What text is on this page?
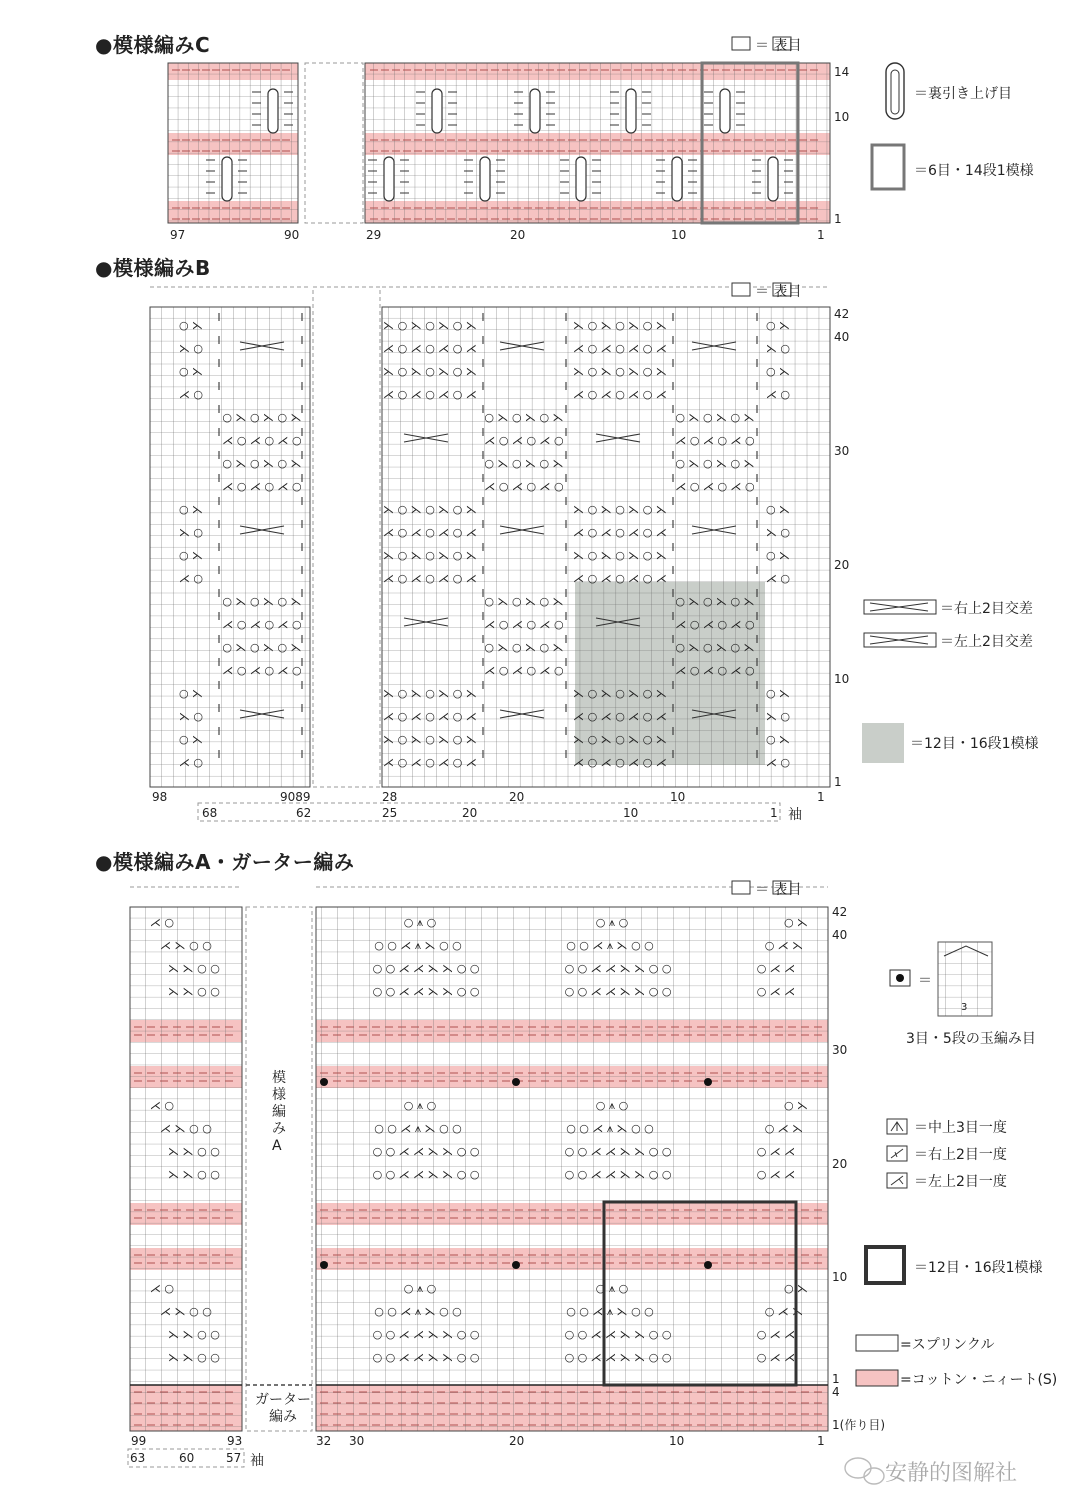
○ ⋋
⋋ ○
○ ⋋
⋌ ○
○ ⋋ ○ ⋋ ○ ⋋
⋌ ○ ⋌ ○ ⋌ ○
○ ⋋ ○ ⋋ ○ ⋋
⋌ ○ ⋌ ○ ⋌ ○
○ ⋋
⋋ ○
○ ⋋
⋌ ○
○ ⋋ ○ ⋋ ○ ⋋
⋌ ○ ⋌ ○ ⋌ ○
○ ⋋ ○ ⋋ ○ ⋋
⋌ ○ ⋌ ○ ⋌ ○
○ ⋋
⋋ ○
○ ⋋
⋌ ○
⋋ ○ ⋋ ○ ⋋ ○ ⋋
⋌ ○ ⋌ ○ ⋌ ○ ⋌
⋋ ○ ⋋ ○ ⋋ ○ ⋋
⋌ ○ ⋌ ○ ⋌ ○ ⋌
⋋ ○ ⋋ ○ ⋋ ○ ⋋
⋌ ○ ⋌ ○ ⋌ ○ ⋌
⋋ ○ ⋋ ○ ⋋ ○ ⋋
⋌ ○ ⋌ ○ ⋌ ○ ⋌
○ ⋋ ○ ⋋ ○ ⋋
⋌ ○ ⋌ ○ ⋌ ○
○ ⋋ ○ ⋋ ○ ⋋
⋌ ○ ⋌ ○ ⋌ ○
○ ⋋ ○ ⋋ ○ ⋋
⋌ ○ ⋌ ○ ⋌ ○
○ ⋋ ○ ⋋ ○ ⋋
⋌ ○ ⋌ ○ ⋌ ○
⋋ ○ ⋋ ○ ⋋ ○ ⋋
⋌ ○ ⋌ ○ ⋌ ○ ⋌
⋋ ○ ⋋ ○ ⋋ ○ ⋋
⋌ ○ ⋌ ○ ⋌ ○ ⋌
⋋ ○ ⋋ ○ ⋋ ○ ⋋
⋌ ○ ⋌ ○ ⋌ ○ ⋌
⋋ ○ ⋋ ○ ⋋ ○ ⋋
⋌ ○ ⋌ ○ ⋌ ○ ⋌
○ ⋋ ○ ⋋ ○ ⋋
⋌ ○ ⋌ ○ ⋌ ○
○ ⋋ ○ ⋋ ○ ⋋
⋌ ○ ⋌ ○ ⋌ ○
○ ⋋ ○ ⋋ ○ ⋋
⋌ ○ ⋌ ○ ⋌ ○
○ ⋋ ○ ⋋ ○ ⋋
⋌ ○ ⋌ ○ ⋌ ○
⋋ ○ ⋋ ○ ⋋ ○ ⋋
⋌ ○ ⋌ ○ ⋌ ○ ⋌
⋋ ○ ⋋ ○ ⋋ ○ ⋋
⋌ ○ ⋌ ○ ⋌ ○ ⋌
⋋ ○ ⋋ ○ ⋋ ○ ⋋
⋌ ○ ⋌ ○ ⋌ ○ ⋌
⋋ ○ ⋋ ○ ⋋ ○ ⋋
⋌ ○ ⋌ ○ ⋌ ○ ⋌
○ ⋋
⋋ ○
○ ⋋
⋌ ○
○ ⋋
⋋ ○
○ ⋋
⋌ ○
○ ⋋
⋋ ○
○ ⋋
⋌ ○
⋌ ○
⋌ ⋋ ○ ○
⋋ ⋋ ○ ○
⋋ ⋋ ○ ○
⋌ ○
⋌ ⋋ ○ ○
⋋ ⋋ ○ ○
⋋ ⋋ ○ ○
⋌ ○
⋌ ⋋ ○ ○
⋋ ⋋ ○ ○
⋋ ⋋ ○ ○
○ ⩚ ○	○ ⩚ ○	○ ⋋
○ ○ ⋌ ⩚ ⋋ ○ ○	○ ○ ⋌ ⩚ ⋋ ○ ○	○ ⋌ ⋋
○ ○ ⋌ ⋌ ⋋ ⋋ ○ ○	○ ○ ⋌ ⋌ ⋋ ⋋ ○ ○	○ ⋌ ⋌
○ ○ ⋌ ⋌ ⋋ ⋋ ○ ○	○ ○ ⋌ ⋌ ⋋ ⋋ ○ ○	○ ⋌ ⋌
○ ⩚ ○	○ ⩚ ○	○ ⋋
○ ○ ⋌ ⩚ ⋋ ○ ○	○ ○ ⋌ ⩚ ⋋ ○ ○	○ ⋌ ⋋
○ ○ ⋌ ⋌ ⋋ ⋋ ○ ○	○ ○ ⋌ ⋌ ⋋ ⋋ ○ ○	○ ⋌ ⋌
○ ○ ⋌ ⋌ ⋋ ⋋ ○ ○	○ ○ ⋌ ⋌ ⋋ ⋋ ○ ○	○ ⋌ ⋌
○ ⩚ ○	○ ⩚ ○	○ ⋋
○ ○ ⋌ ⩚ ⋋ ○ ○	○ ○ ⋌ ⩚ ⋋ ○ ○	○ ⋌ ⋋
○ ○ ⋌ ⋌ ⋋ ⋋ ○ ○	○ ○ ⋌ ⋌ ⋋ ⋋ ○ ○	○ ⋌ ⋌
○ ○ ⋌ ⋌ ⋋ ⋋ ○ ○	○ ○ ⋌ ⋌ ⋋ ⋋ ○ ○	○ ⋌ ⋌
●模様編みC	＝ 表目
14
10
1
97	90	29	20	10	1
＝裏引き上げ目
＝6目・14段1模様
●模様編みB
＝ 表目
42
40
30
20
10
1
98	9089	28	20	10	1
68	62	25	20	10	1 袖
＝右上2目交差
＝左上2目交差
＝12目・16段1模様
●模様編みA・ガーター編み
＝ 表目
42
40
30
20
10
1
4
1(作り目)
99	93	32 30	20	10	1
63	60	57 袖
模様編みA
ガーター編み
＝
3
3目・5段の玉編み目
＝中上3目一度
＝右上2目一度
＝左上2目一度
＝12目・16段1模様
=スプリンクル
=コットン・ニィート(S)
安静的图解社
